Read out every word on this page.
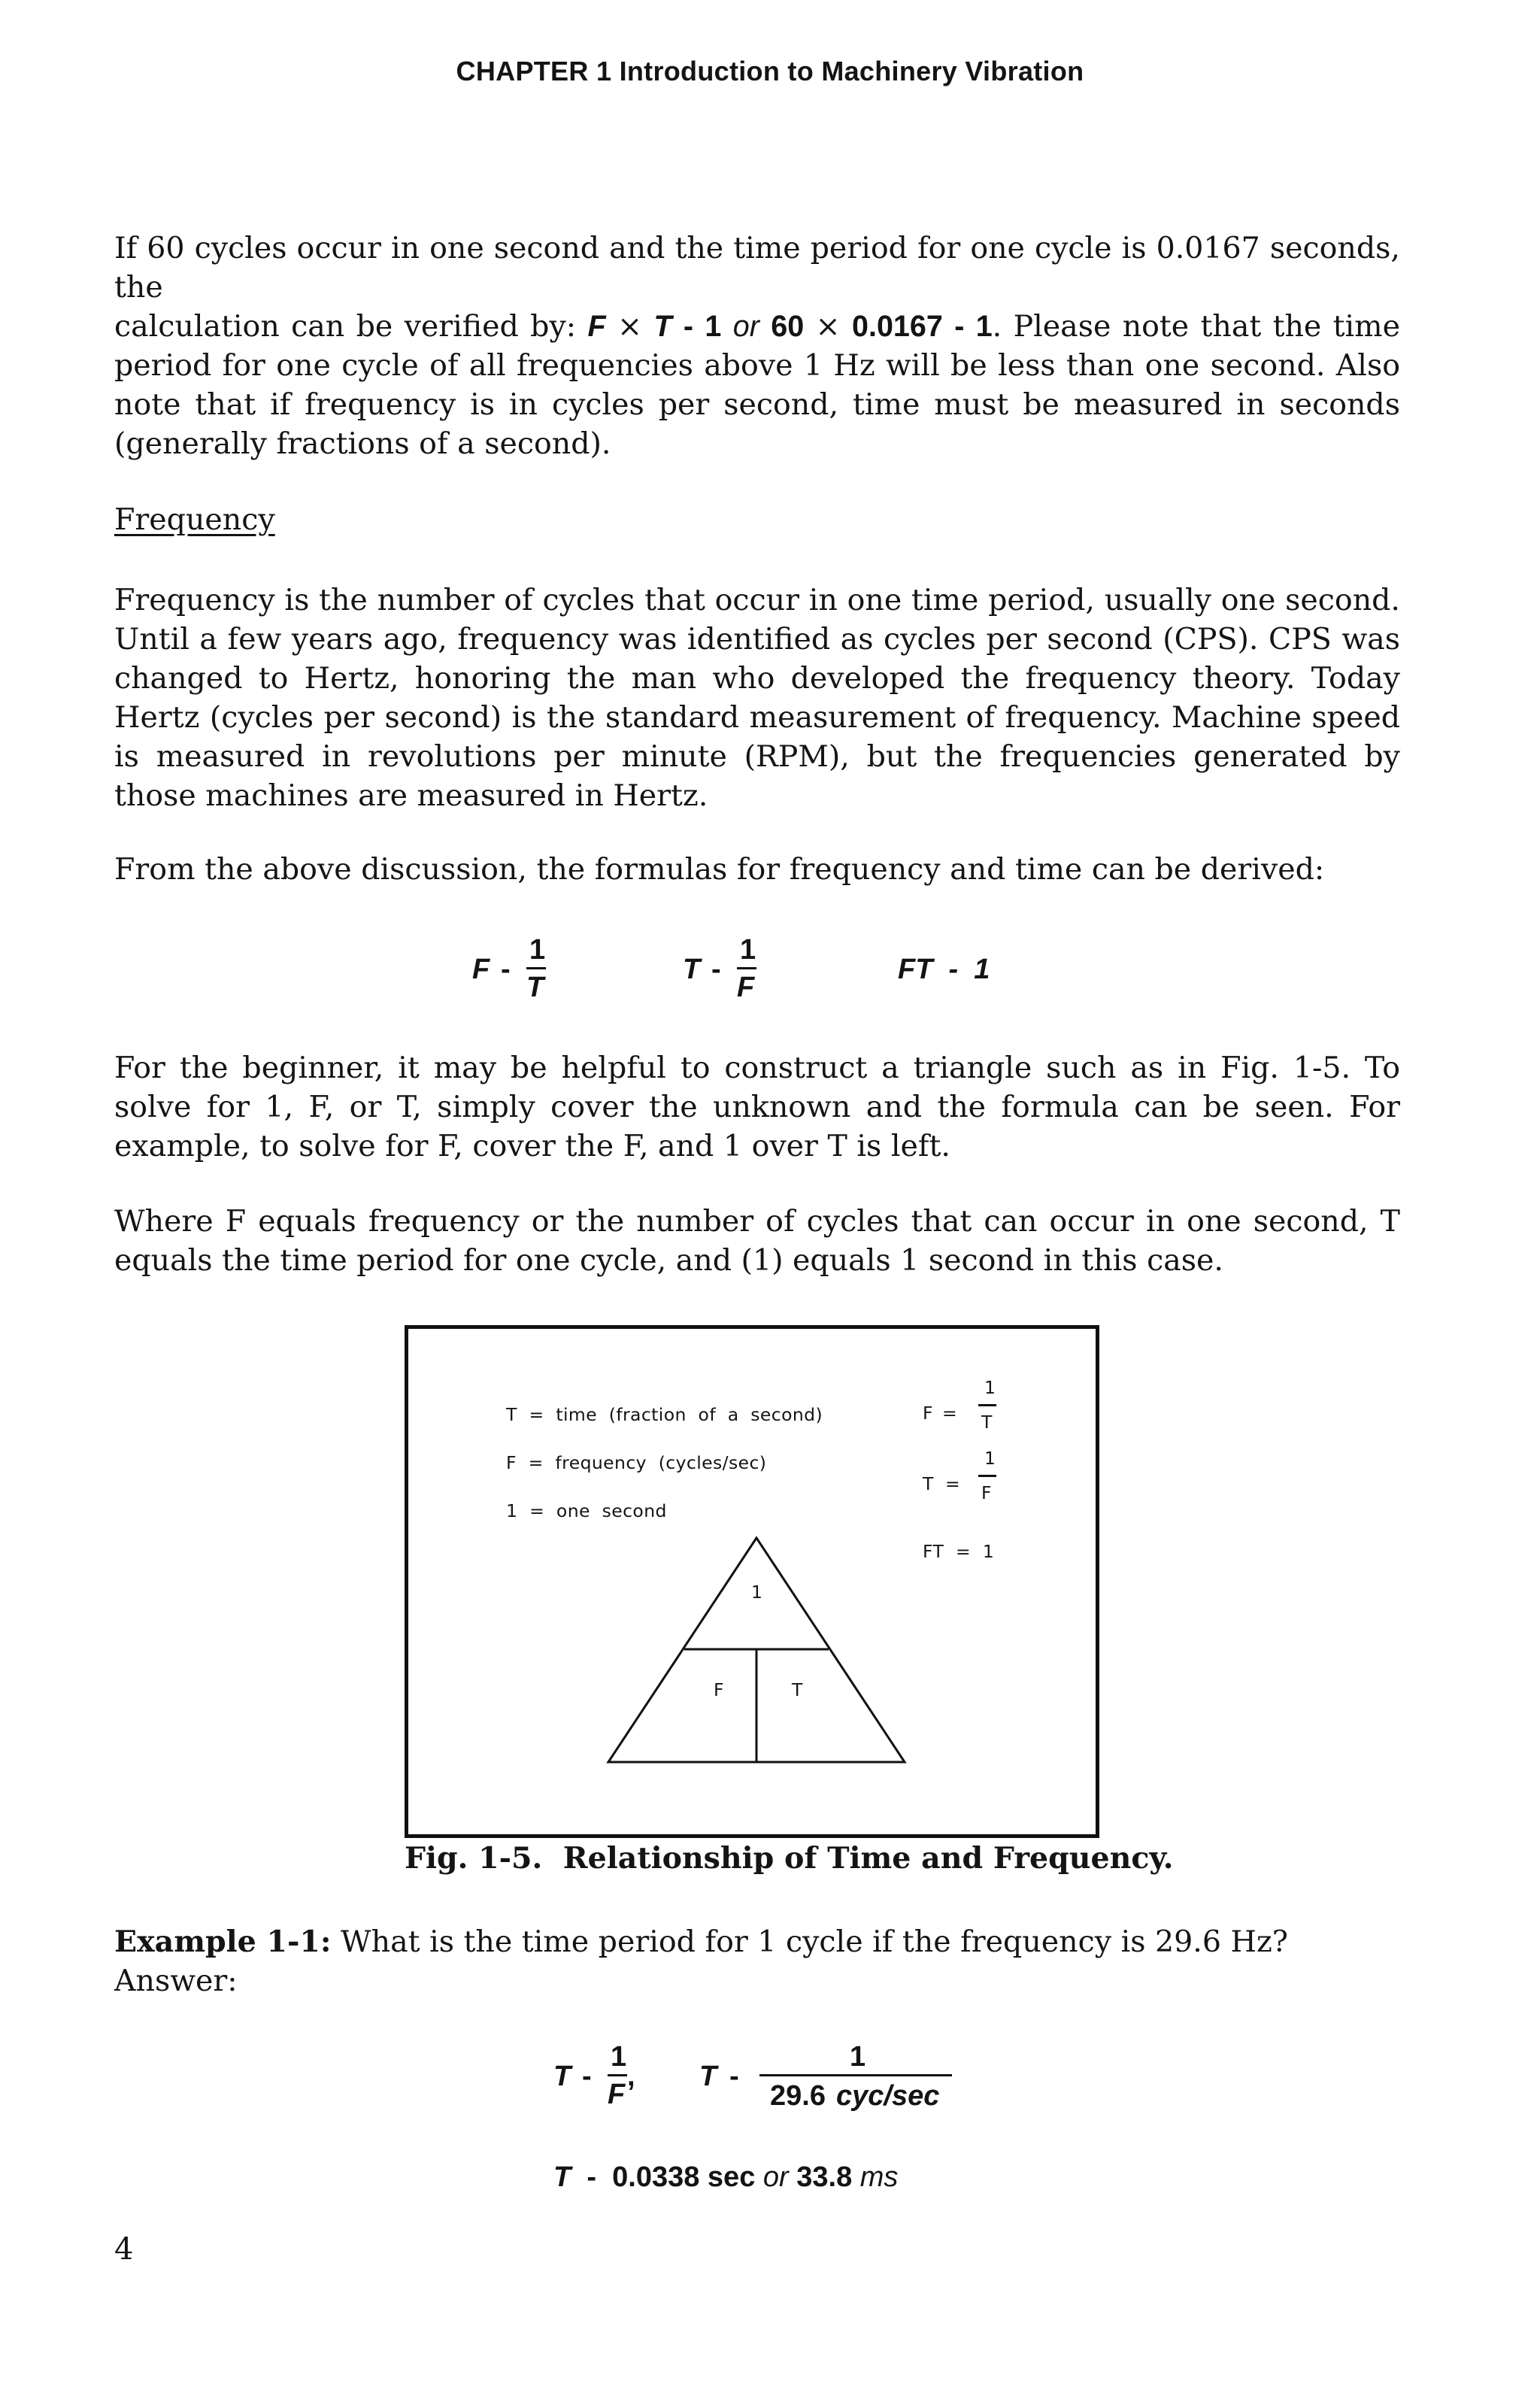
CHAPTER 1 Introduction to Machinery Vibration
If 60 cycles occur in one second and the time period for one cycle is 0.0167 seconds, the
calculation can be verified by: F × T - 1 or 60 × 0.0167 - 1. Please note that the time
period for one cycle of all frequencies above 1 Hz will be less than one second. Also note that if frequency is in cycles per second, time must be measured in seconds (generally fractions of a second).
Frequency
Frequency is the number of cycles that occur in one time period, usually one second. Until a few years ago, frequency was identified as cycles per second (CPS). CPS was changed to Hertz, honoring the man who developed the frequency theory. Today Hertz (cycles per second) is the standard measurement of frequency. Machine speed is measured in revolutions per minute (RPM), but the frequencies generated by those machines are measured in Hertz.
From the above discussion, the formulas for frequency and time can be derived:
F -
1
T
T -
1
F
FT  -  1
For the beginner, it may be helpful to construct a triangle such as in Fig. 1-5. To solve for 1, F, or T, simply cover the unknown and the formula can be seen. For example, to solve for F, cover the F, and 1 over T is left.
Where F equals frequency or the number of cycles that can occur in one second, T equals the time period for one cycle, and (1) equals 1 second in this case.
T  =  time  (fraction  of  a  second)
F  =  frequency  (cycles/sec)
1  =  one  second
F =
1
T
T =
1
F
FT  =  1
1
F	T
Fig. 1-5.  Relationship of Time and Frequency.
Example 1-1: What is the time period for 1 cycle if the frequency is 29.6 Hz?
Answer:
T -
1
F
, T -
1
29.6 cyc/sec
T - 0.0338 sec or 33.8 ms
4
